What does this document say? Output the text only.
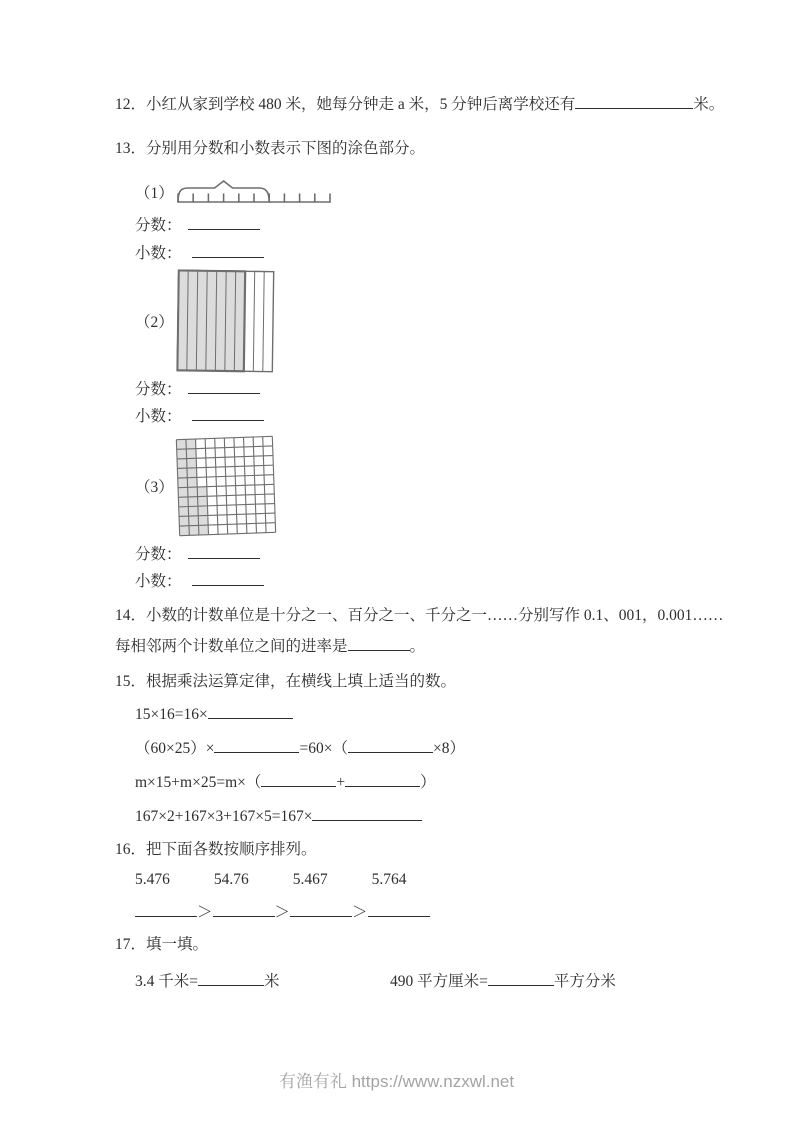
12．小红从家到学校 480 米，她每分钟走 a 米，5 分钟后离学校还有	米。
13．分别用分数和小数表示下图的涂色部分。
（1）
分数：
小数：
（2）
分数：
小数：
（3）
分数：
小数：
14．小数的计数单位是十分之一、百分之一、千分之一……分别写作 0.1、001，0.001……
每相邻两个计数单位之间的进率是	。
15．根据乘法运算定律，在横线上填上适当的数。
15×16=16×
（60×25）×	=60×（	×8）
m×15+m×25=m×（	+	）
167×2+167×3+167×5=167×
16．把下面各数按顺序排列。
5.476	54.76	5.467	5.764
＞	＞	＞
17．填一填。
3.4 千米=	米	490 平方厘米=	平方分米
有渔有礼 https://www.nzxwl.net
